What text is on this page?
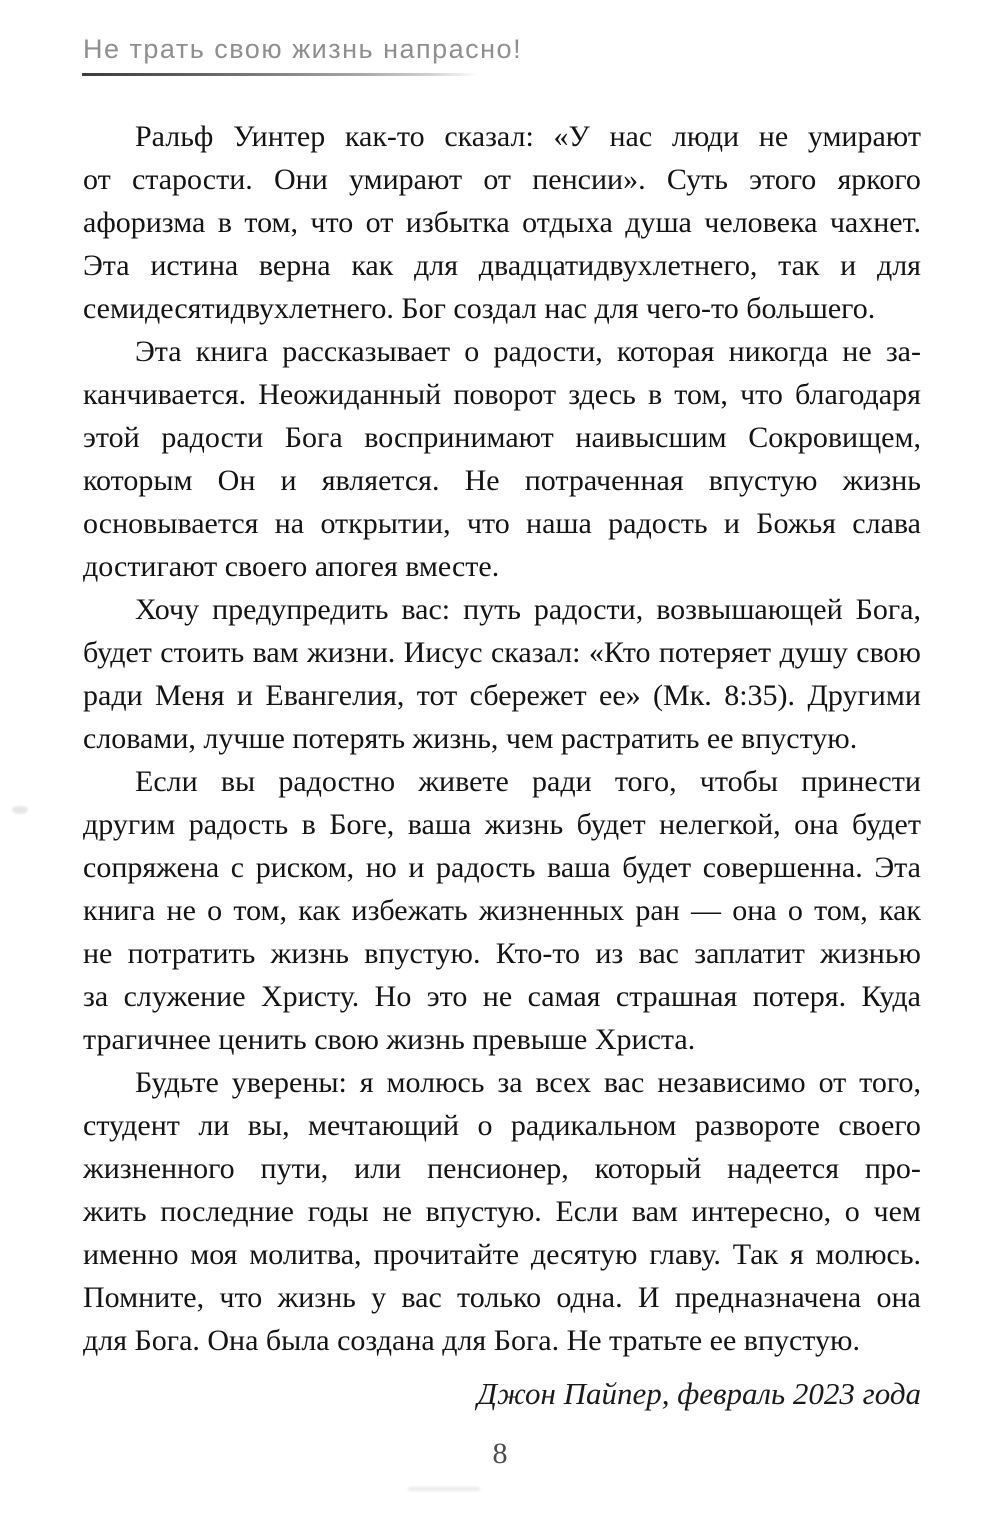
Не трать свою жизнь напрасно!
Ральф Уинтер как-то сказал: «У нас люди не умирают
от старости. Они умирают от пенсии». Суть этого яркого
афоризма в том, что от избытка отдыха душа человека чахнет.
Эта истина верна как для двадцатидвухлетнего, так и для
семидесятидвухлетнего. Бог создал нас для чего-то большего.
Эта книга рассказывает о радости, которая никогда не за-
канчивается. Неожиданный поворот здесь в том, что благодаря
этой радости Бога воспринимают наивысшим Сокровищем,
которым Он и является. Не потраченная впустую жизнь
основывается на открытии, что наша радость и Божья слава
достигают своего апогея вместе.
Хочу предупредить вас: путь радости, возвышающей Бога,
будет стоить вам жизни. Иисус сказал: «Кто потеряет душу свою
ради Меня и Евангелия, тот сбережет ее» (Мк. 8:35). Другими
словами, лучше потерять жизнь, чем растратить ее впустую.
Если вы радостно живете ради того, чтобы принести
другим радость в Боге, ваша жизнь будет нелегкой, она будет
сопряжена с риском, но и радость ваша будет совершенна. Эта
книга не о том, как избежать жизненных ран — она о том, как
не потратить жизнь впустую. Кто-то из вас заплатит жизнью
за служение Христу. Но это не самая страшная потеря. Куда
трагичнее ценить свою жизнь превыше Христа.
Будьте уверены: я молюсь за всех вас независимо от того,
студент ли вы, мечтающий о радикальном развороте своего
жизненного пути, или пенсионер, который надеется про-
жить последние годы не впустую. Если вам интересно, о чем
именно моя молитва, прочитайте десятую главу. Так я молюсь.
Помните, что жизнь у вас только одна. И предназначена она
для Бога. Она была создана для Бога. Не тратьте ее впустую.
Джон Пайпер, февраль 2023 года
8
